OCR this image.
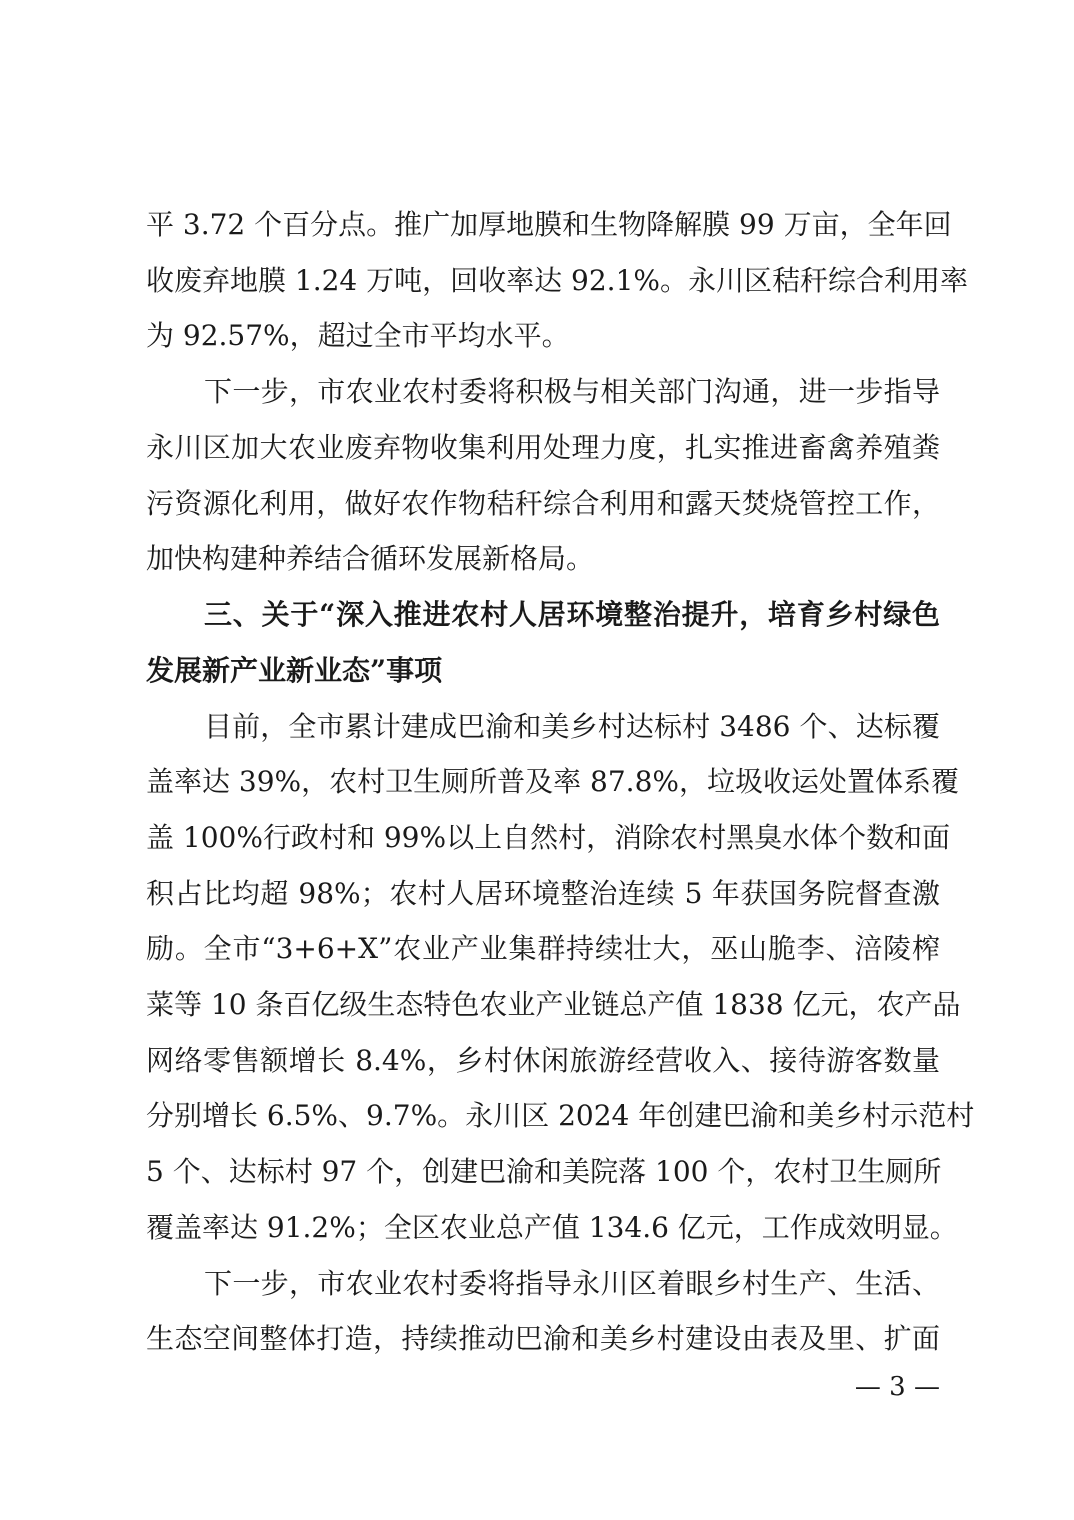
平 3.72 个百分点。推广加厚地膜和生物降解膜 99 万亩，全年回
收废弃地膜 1.24 万吨，回收率达 92.1%。永川区秸秆综合利用率
为 92.57%，超过全市平均水平。
下一步，市农业农村委将积极与相关部门沟通，进一步指导
永川区加大农业废弃物收集利用处理力度，扎实推进畜禽养殖粪
污资源化利用，做好农作物秸秆综合利用和露天焚烧管控工作，
加快构建种养结合循环发展新格局。
三、关于“深入推进农村人居环境整治提升，培育乡村绿色
发展新产业新业态”事项
目前，全市累计建成巴渝和美乡村达标村 3486 个、达标覆
盖率达 39%，农村卫生厕所普及率 87.8%，垃圾收运处置体系覆
盖 100%行政村和 99%以上自然村，消除农村黑臭水体个数和面
积占比均超 98%；农村人居环境整治连续 5 年获国务院督查激
励。全市“3+6+X”农业产业集群持续壮大，巫山脆李、涪陵榨
菜等 10 条百亿级生态特色农业产业链总产值 1838 亿元，农产品
网络零售额增长 8.4%，乡村休闲旅游经营收入、接待游客数量
分别增长 6.5%、9.7%。永川区 2024 年创建巴渝和美乡村示范村
5 个、达标村 97 个，创建巴渝和美院落 100 个，农村卫生厕所
覆盖率达 91.2%；全区农业总产值 134.6 亿元，工作成效明显。
下一步，市农业农村委将指导永川区着眼乡村生产、生活、
生态空间整体打造，持续推动巴渝和美乡村建设由表及里、扩面
— 3 —
